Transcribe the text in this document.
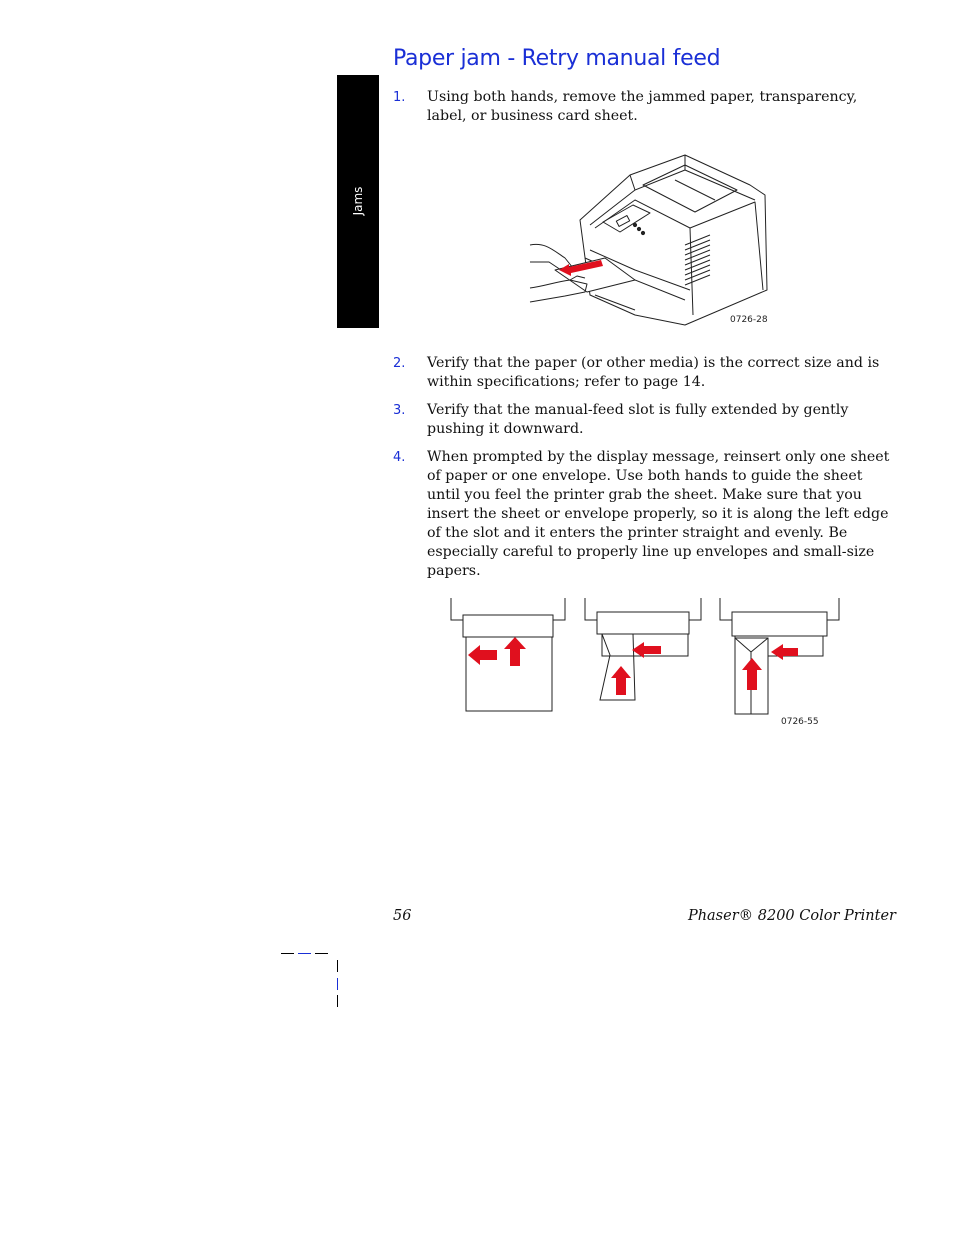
Jams
Paper jam - Retry manual feed
1. Using both hands, remove the jammed paper, transparency, label, or business card sheet.
0726-28
2. Verify that the paper (or other media) is the correct size and is within specifications; refer to page 14.
3. Verify that the manual-feed slot is fully extended by gently pushing it downward.
4. When prompted by the display message, reinsert only one sheet of paper or one envelope. Use both hands to guide the sheet until you feel the printer grab the sheet. Make sure that you insert the sheet or envelope properly, so it is along the left edge of the slot and it enters the printer straight and evenly. Be especially careful to properly line up envelopes and small-size papers.
0726-55
56	Phaser® 8200 Color Printer
